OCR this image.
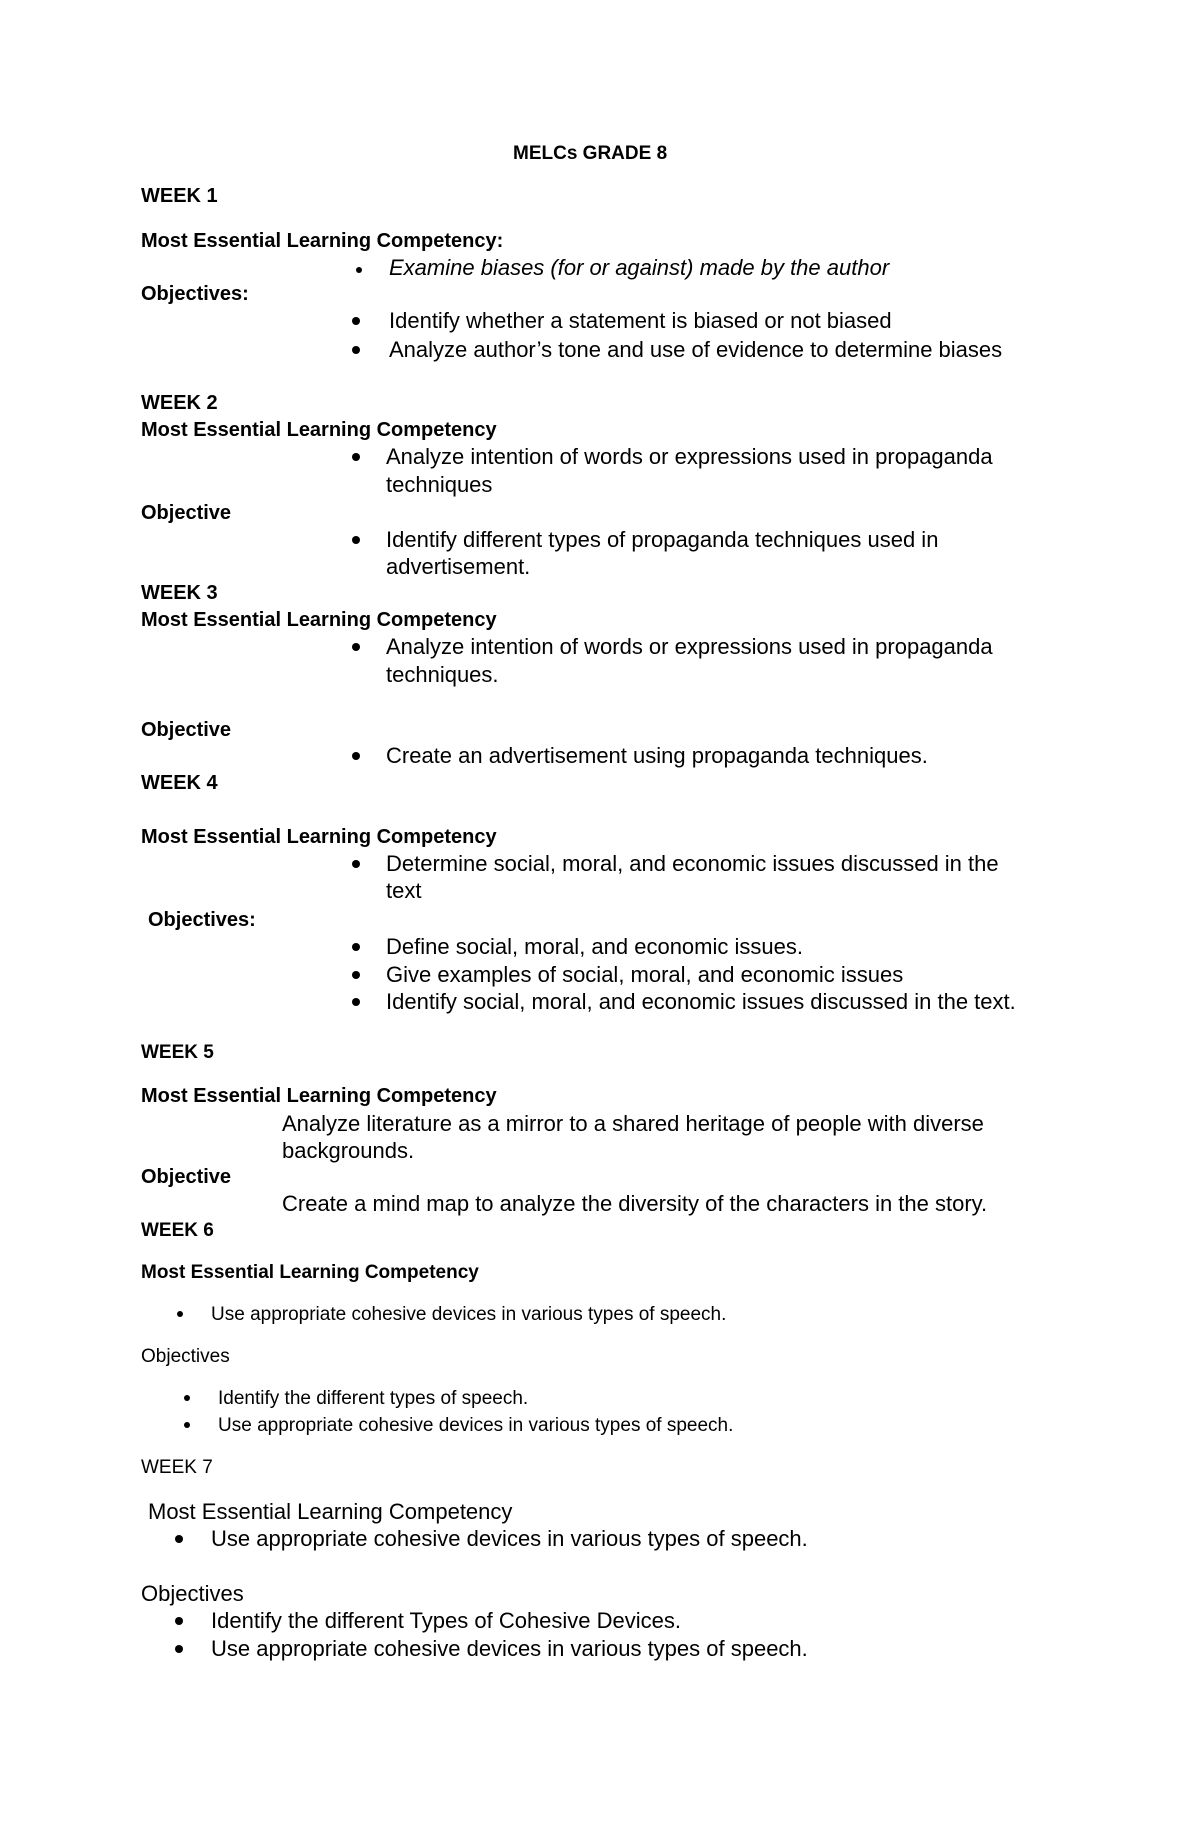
MELCs GRADE 8
WEEK 1
Most Essential Learning Competency:
Examine biases (for or against) made by the author
Objectives:
Identify whether a statement is biased or not biased
Analyze author’s tone and use of evidence to determine biases
WEEK 2
Most Essential Learning Competency
Analyze intention of words or expressions used in propaganda
techniques
Objective
Identify different types of propaganda techniques used in
advertisement.
WEEK 3
Most Essential Learning Competency
Analyze intention of words or expressions used in propaganda
techniques.
Objective
Create an advertisement using propaganda techniques.
WEEK 4
Most Essential Learning Competency
Determine social, moral, and economic issues discussed in the
text
Objectives:
Define social, moral, and economic issues.
Give examples of social, moral, and economic issues
Identify social, moral, and economic issues discussed in the text.
WEEK 5
Most Essential Learning Competency
Analyze literature as a mirror to a shared heritage of people with diverse
backgrounds.
Objective
Create a mind map to analyze the diversity of the characters in the story.
WEEK 6
Most Essential Learning Competency
Use appropriate cohesive devices in various types of speech.
Objectives
Identify the different types of speech.
Use appropriate cohesive devices in various types of speech.
WEEK 7
Most Essential Learning Competency
Use appropriate cohesive devices in various types of speech.
Objectives
Identify the different Types of Cohesive Devices.
Use appropriate cohesive devices in various types of speech.
